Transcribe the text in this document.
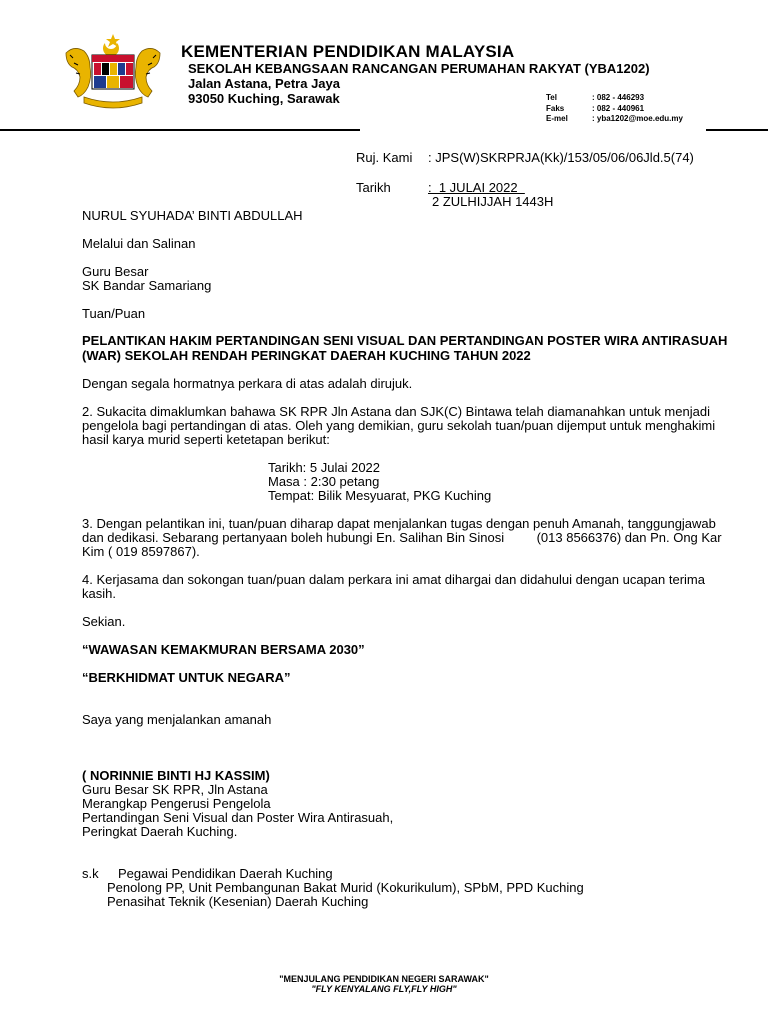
KEMENTERIAN PENDIDIKAN MALAYSIA
SEKOLAH KEBANGSAAN RANCANGAN PERUMAHAN RAKYAT (YBA1202)
Jalan Astana, Petra Jaya
93050 Kuching, Sarawak	Tel	: 082 - 446293
Faks	: 082 - 440961
E-mel	: yba1202@moe.edu.my
Ruj. Kami : JPS(W)SKRPRJA(Kk)/153/05/06/06Jld.5(74)
Tarikh	:  1 JULAI 2022
2 ZULHIJJAH 1443H
NURUL SYUHADA’ BINTI ABDULLAH
Melalui dan Salinan
Guru Besar
SK Bandar Samariang
Tuan/Puan
PELANTIKAN HAKIM PERTANDINGAN SENI VISUAL DAN PERTANDINGAN POSTER WIRA ANTIRASUAH
(WAR) SEKOLAH RENDAH PERINGKAT DAERAH KUCHING TAHUN 2022
Dengan segala hormatnya perkara di atas adalah dirujuk.
2. Sukacita dimaklumkan bahawa SK RPR Jln Astana dan SJK(C) Bintawa telah diamanahkan untuk menjadi
pengelola bagi pertandingan di atas. Oleh yang demikian, guru sekolah tuan/puan dijemput untuk menghakimi
hasil karya murid seperti ketetapan berikut:
Tarikh: 5 Julai 2022
Masa : 2:30 petang
Tempat: Bilik Mesyuarat, PKG Kuching
3. Dengan pelantikan ini, tuan/puan diharap dapat menjalankan tugas dengan penuh Amanah, tanggungjawab
dan dedikasi. Sebarang pertanyaan boleh hubungi En. Salihan Bin Sinosi         (013 8566376) dan Pn. Ong Kar
Kim ( 019 8597867).
4. Kerjasama dan sokongan tuan/puan dalam perkara ini amat dihargai dan didahului dengan ucapan terima
kasih.
Sekian.
“WAWASAN KEMAKMURAN BERSAMA 2030”
“BERKHIDMAT UNTUK NEGARA”
Saya yang menjalankan amanah
( NORINNIE BINTI HJ KASSIM)
Guru Besar SK RPR, Jln Astana
Merangkap Pengerusi Pengelola
Pertandingan Seni Visual dan Poster Wira Antirasuah,
Peringkat Daerah Kuching.
s.k Pegawai Pendidikan Daerah Kuching
Penolong PP, Unit Pembangunan Bakat Murid (Kokurikulum), SPbM, PPD Kuching
Penasihat Teknik (Kesenian) Daerah Kuching
"MENJULANG PENDIDIKAN NEGERI SARAWAK"
"FLY KENYALANG FLY,FLY HIGH"
